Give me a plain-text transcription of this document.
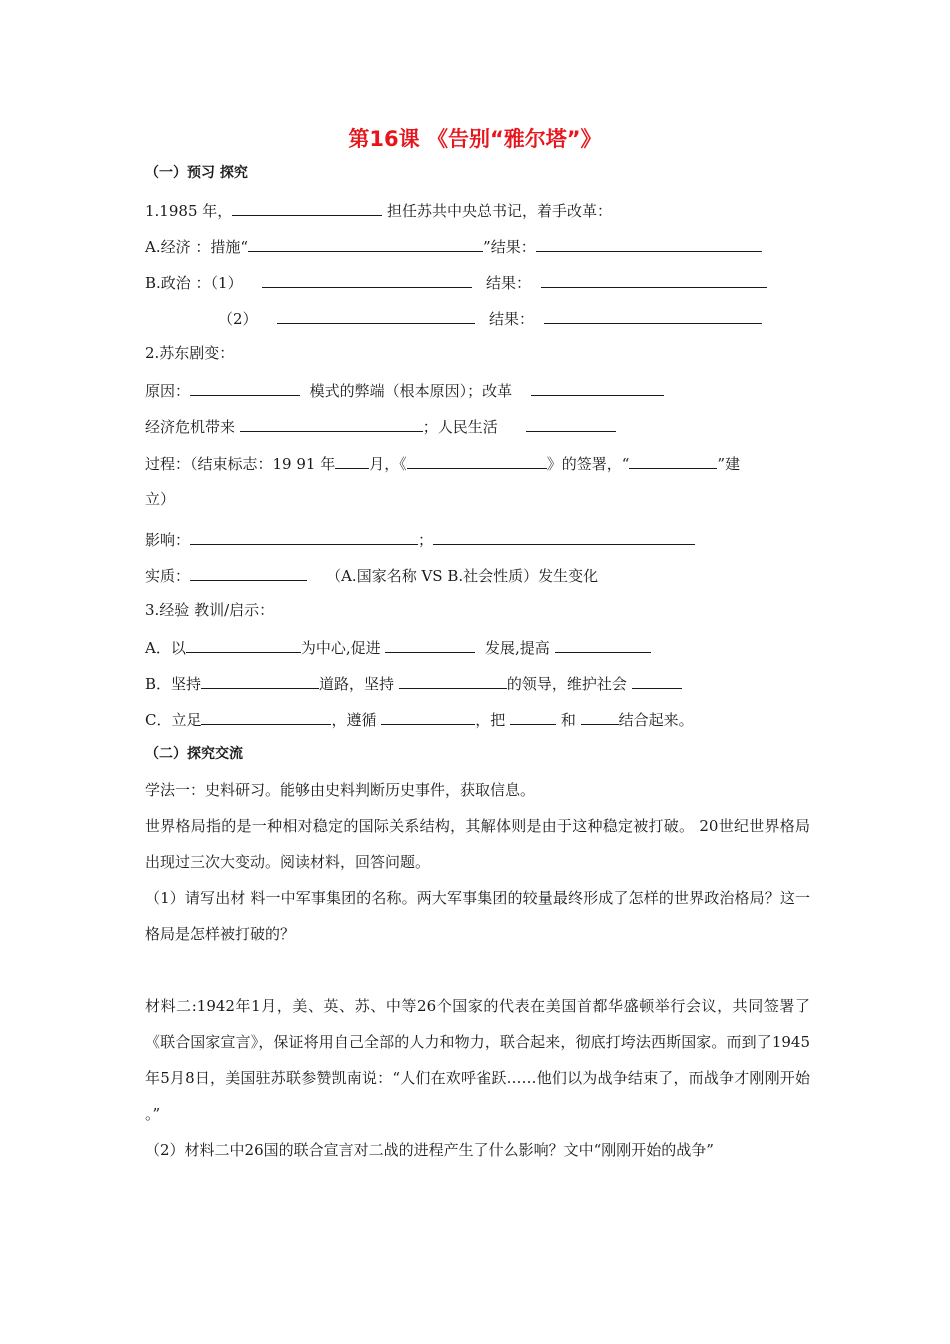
第16课 《告别“雅尔塔”》
（一）预习 探究
1.1985 年，	担任苏共中央总书记，着手改革：
A.经济 ：措施“	”结果：
B.政治 ：（1）	结果：
（2）	结果：
2.苏东剧变：
原因：	模式的弊端（根本原因）；改革
经济危机带来	；人民生活
过程：（结束标志：19 91 年 月，《	》的签署，“	”建
立）
影响：	；
实质：	（A.国家名称 VS B.社会性质）发生变化
3.经验 教训/启示：
A．以	为中心,促进	发展,提高
B．坚持	道路，坚持	的领导，维护社会
C．立足	，遵循	，把	和	结合起来。
（二）探究交流
学法一：史料研习。能够由史料判断历史事件，获取信息。
世界格局指的是一种相对稳定的国际关系结构，其解体则是由于这种稳定被打破。 20世纪世界格局出现过三次大变动。阅读材料，回答问题。
（1）请写出材 料一中军事集团的名称。两大军事集团的较量最终形成了怎样的世界政治格局？这一格局是怎样被打破的？
材料二:1942年1月，美、英、苏、中等26个国家的代表在美国首都华盛顿举行会议，共同签署了《联合国家宣言》，保证将用自己全部的人力和物力，联合起来，彻底打垮法西斯国家。而到了1945年5月8日，美国驻苏联参赞凯南说：“人们在欢呼雀跃……他们以为战争结束了，而战争才刚刚开始 。”
（2）材料二中26国的联合宣言对二战的进程产生了什么影响？文中“刚刚开始的战争”
